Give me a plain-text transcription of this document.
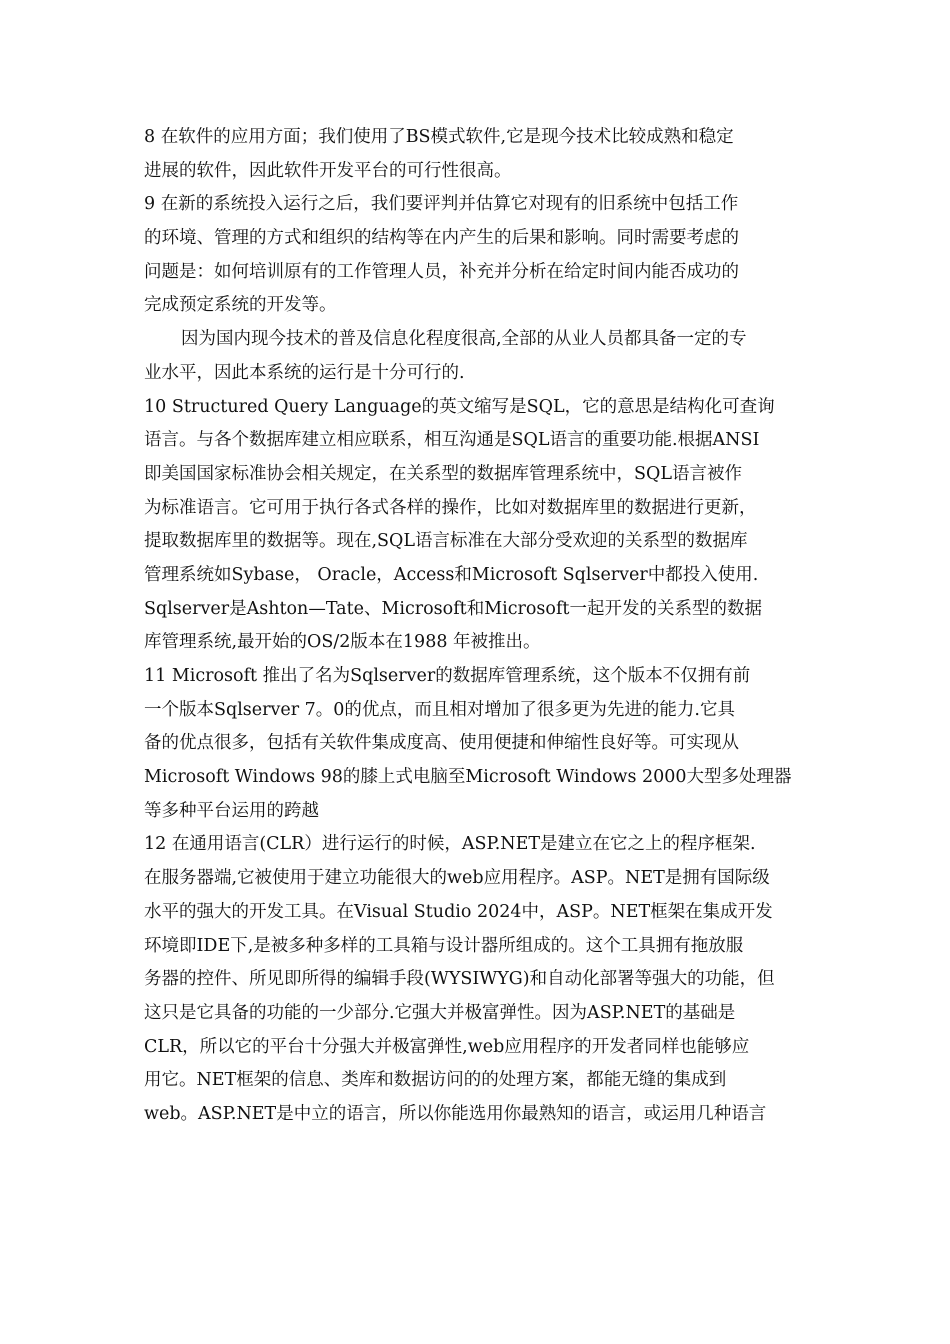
8 在软件的应用方面；我们使用了BS模式软件,它是现今技术比较成熟和稳定
进展的软件，因此软件开发平台的可行性很高。
9 在新的系统投入运行之后，我们要评判并估算它对现有的旧系统中包括工作
的环境、管理的方式和组织的结构等在内产生的后果和影响。同时需要考虑的
问题是：如何培训原有的工作管理人员，补充并分析在给定时间内能否成功的
完成预定系统的开发等。
因为国内现今技术的普及信息化程度很高,全部的从业人员都具备一定的专
业水平，因此本系统的运行是十分可行的.
10 Structured Query Language的英文缩写是SQL，它的意思是结构化可查询
语言。与各个数据库建立相应联系，相互沟通是SQL语言的重要功能.根据ANSI
即美国国家标准协会相关规定，在关系型的数据库管理系统中，SQL语言被作
为标准语言。它可用于执行各式各样的操作，比如对数据库里的数据进行更新，
提取数据库里的数据等。现在,SQL语言标准在大部分受欢迎的关系型的数据库
管理系统如Sybase， Oracle，Access和Microsoft Sqlserver中都投入使用.
Sqlserver是Ashton—Tate、Microsoft和Microsoft一起开发的关系型的数据
库管理系统,最开始的OS/2版本在1988 年被推出。
11 Microsoft 推出了名为Sqlserver的数据库管理系统，这个版本不仅拥有前
一个版本Sqlserver 7。0的优点，而且相对增加了很多更为先进的能力.它具
备的优点很多，包括有关软件集成度高、使用便捷和伸缩性良好等。可实现从
Microsoft Windows 98的膝上式电脑至Microsoft Windows 2000大型多处理器
等多种平台运用的跨越
12 在通用语言(CLR）进行运行的时候，ASP.NET是建立在它之上的程序框架.
在服务器端,它被使用于建立功能很大的web应用程序。ASP。NET是拥有国际级
水平的强大的开发工具。在Visual Studio 2024中，ASP。NET框架在集成开发
环境即IDE下,是被多种多样的工具箱与设计器所组成的。这个工具拥有拖放服
务器的控件、所见即所得的编辑手段(WYSIWYG)和自动化部署等强大的功能，但
这只是它具备的功能的一少部分.它强大并极富弹性。因为ASP.NET的基础是
CLR，所以它的平台十分强大并极富弹性,web应用程序的开发者同样也能够应
用它。NET框架的信息、类库和数据访问的的处理方案，都能无缝的集成到
web。ASP.NET是中立的语言，所以你能选用你最熟知的语言，或运用几种语言
